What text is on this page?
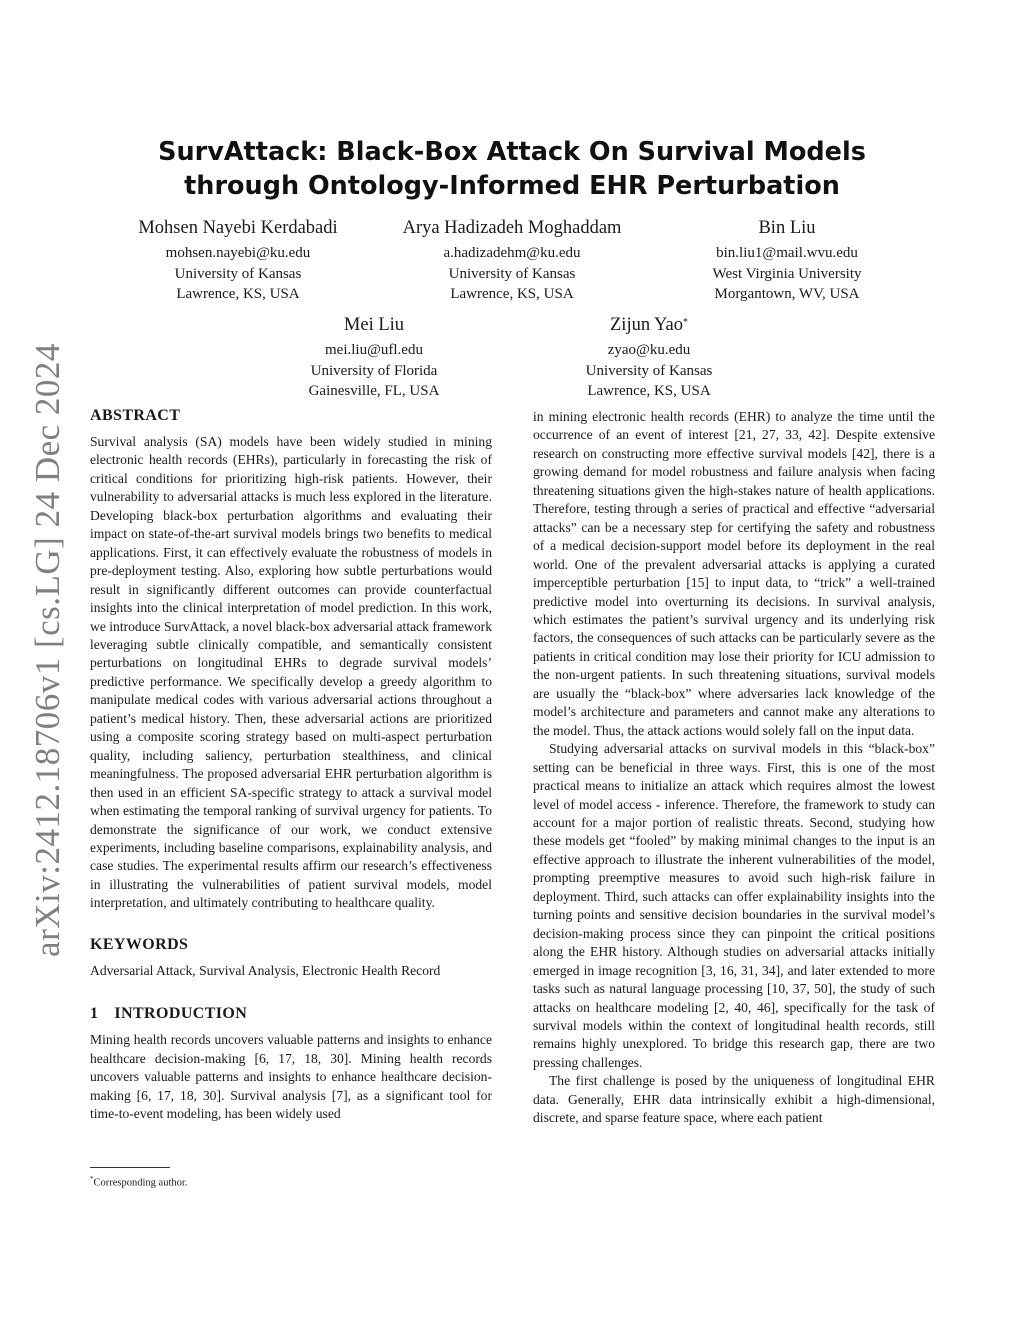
arXiv:2412.18706v1 [cs.LG] 24 Dec 2024
SurvAttack: Black-Box Attack On Survival Models
through Ontology-Informed EHR Perturbation
Mohsen Nayebi Kerdabadi
mohsen.nayebi@ku.edu
University of Kansas
Lawrence, KS, USA
Arya Hadizadeh Moghaddam
a.hadizadehm@ku.edu
University of Kansas
Lawrence, KS, USA
Bin Liu
bin.liu1@mail.wvu.edu
West Virginia University
Morgantown, WV, USA
Mei Liu
mei.liu@ufl.edu
University of Florida
Gainesville, FL, USA
Zijun Yao*
zyao@ku.edu
University of Kansas
Lawrence, KS, USA
ABSTRACT

Survival analysis (SA) models have been widely studied in mining electronic health records (EHRs), particularly in forecasting the risk of critical conditions for prioritizing high-risk patients. However, their vulnerability to adversarial attacks is much less explored in the literature. Developing black-box perturbation algorithms and evaluating their impact on state-of-the-art survival models brings two benefits to medical applications. First, it can effectively evaluate the robustness of models in pre-deployment testing. Also, exploring how subtle perturbations would result in significantly different outcomes can provide counterfactual insights into the clinical interpretation of model prediction. In this work, we introduce SurvAttack, a novel black-box adversarial attack framework leveraging subtle clinically compatible, and semantically consistent perturbations on longitudinal EHRs to degrade survival models’ predictive performance. We specifically develop a greedy algorithm to manipulate medical codes with various adversarial actions throughout a patient’s medical history. Then, these adversarial actions are prioritized using a composite scoring strategy based on multi-aspect perturbation quality, including saliency, perturbation stealthiness, and clinical meaningfulness. The proposed adversarial EHR perturbation algorithm is then used in an efficient SA-specific strategy to attack a survival model when estimating the temporal ranking of survival urgency for patients. To demonstrate the significance of our work, we conduct extensive experiments, including baseline comparisons, explainability analysis, and case studies. The experimental results affirm our research’s effectiveness in illustrating the vulnerabilities of patient survival models, model interpretation, and ultimately contributing to healthcare quality.

KEYWORDS

Adversarial Attack, Survival Analysis, Electronic Health Record

1 INTRODUCTION

Mining health records uncovers valuable patterns and insights to enhance healthcare decision-making [6, 17, 18, 30]. Mining health records uncovers valuable patterns and insights to enhance healthcare decision-making [6, 17, 18, 30]. Survival analysis [7], as a significant tool for time-to-event modeling, has been widely used

in mining electronic health records (EHR) to analyze the time until the occurrence of an event of interest [21, 27, 33, 42]. Despite extensive research on constructing more effective survival models [42], there is a growing demand for model robustness and failure analysis when facing threatening situations given the high-stakes nature of health applications. Therefore, testing through a series of practical and effective “adversarial attacks” can be a necessary step for certifying the safety and robustness of a medical decision-support model before its deployment in the real world. One of the prevalent adversarial attacks is applying a curated imperceptible perturbation [15] to input data, to “trick” a well-trained predictive model into overturning its decisions. In survival analysis, which estimates the patient’s survival urgency and its underlying risk factors, the consequences of such attacks can be particularly severe as the patients in critical condition may lose their priority for ICU admission to the non-urgent patients. In such threatening situations, survival models are usually the “black-box” where adversaries lack knowledge of the model’s architecture and parameters and cannot make any alterations to the model. Thus, the attack actions would solely fall on the input data.

Studying adversarial attacks on survival models in this “black-box” setting can be beneficial in three ways. First, this is one of the most practical means to initialize an attack which requires almost the lowest level of model access - inference. Therefore, the framework to study can account for a major portion of realistic threats. Second, studying how these models get “fooled” by making minimal changes to the input is an effective approach to illustrate the inherent vulnerabilities of the model, prompting preemptive measures to avoid such high-risk failure in deployment. Third, such attacks can offer explainability insights into the turning points and sensitive decision boundaries in the survival model’s decision-making process since they can pinpoint the critical positions along the EHR history. Although studies on adversarial attacks initially emerged in image recognition [3, 16, 31, 34], and later extended to more tasks such as natural language processing [10, 37, 50], the study of such attacks on healthcare modeling [2, 40, 46], specifically for the task of survival models within the context of longitudinal health records, still remains highly unexplored. To bridge this research gap, there are two pressing challenges.

The first challenge is posed by the uniqueness of longitudinal EHR data. Generally, EHR data intrinsically exhibit a high-dimensional, discrete, and sparse feature space, where each patient

*Corresponding author.
